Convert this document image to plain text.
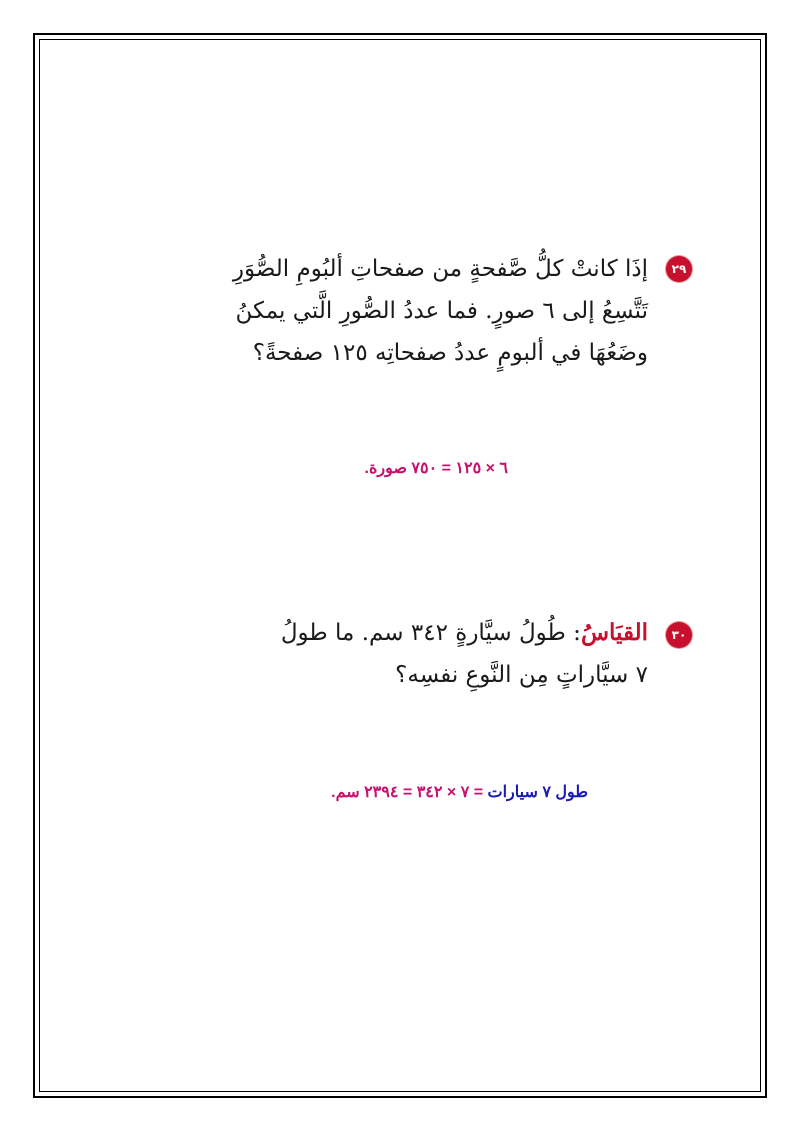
٢٩
إذَا كانتْ كلُّ صَّفحةٍ من صفحاتِ ألبُومِ الصُّوَرِ
تَتَّسِعُ إلى ٦ صورٍ. فما عددُ الصُّورِ الَّتي يمكنُ
وضَعُهَا في ألبومٍ عددُ صفحاتِه ١٢٥ صفحةً؟
٦ × ١٢٥ = ٧٥٠ صورة.
٣٠
القيَاسُ: طُولُ سيَّارةٍ ٣٤٢ سم. ما طولُ
٧ سيَّاراتٍ مِن النَّوعِ نفسِه؟
طول ٧ سيارات = ٧ × ٣٤٢ = ٢٣٩٤ سم.
